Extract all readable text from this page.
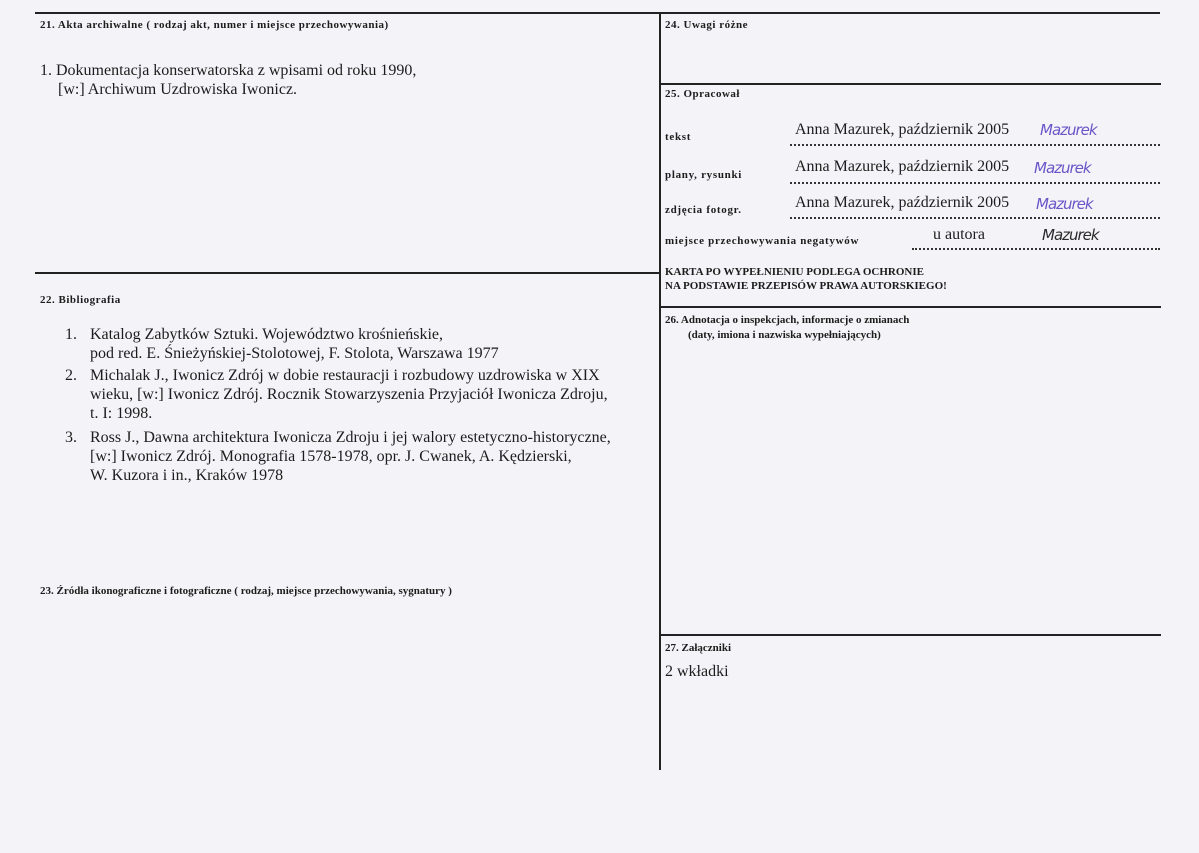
21. Akta archiwalne ( rodzaj akt, numer i miejsce przechowywania)
1. Dokumentacja konserwatorska z wpisami od roku 1990,
[w:] Archiwum Uzdrowiska Iwonicz.
22. Bibliografia
1. Katalog Zabytków Sztuki. Województwo krośnieńskie,
pod red. E. Śnieżyńskiej-Stolotowej, F. Stolota, Warszawa 1977
2. Michalak J., Iwonicz Zdrój w dobie restauracji i rozbudowy uzdrowiska w XIX
wieku, [w:] Iwonicz Zdrój. Rocznik Stowarzyszenia Przyjaciół Iwonicza Zdroju,
t. I: 1998.
3. Ross J., Dawna architektura Iwonicza Zdroju i jej walory estetyczno-historyczne,
[w:] Iwonicz Zdrój. Monografia 1578-1978, opr. J. Cwanek, A. Kędzierski,
W. Kuzora i in., Kraków 1978
23. Źródła ikonograficzne i fotograficzne ( rodzaj, miejsce przechowywania, sygnatury )
24. Uwagi różne
25. Opracował
tekst	Anna Mazurek, październik 2005 Mazurek
plany, rysunki	Anna Mazurek, październik 2005 Mazurek
zdjęcia fotogr.	Anna Mazurek, październik 2005 Mazurek
miejsce przechowywania negatywów	u autora	Mazurek
KARTA PO WYPEŁNIENIU PODLEGA OCHRONIE
NA PODSTAWIE PRZEPISÓW PRAWA AUTORSKIEGO!
26. Adnotacja o inspekcjach, informacje o zmianach
(daty, imiona i nazwiska wypełniających)
27. Załączniki
2 wkładki
